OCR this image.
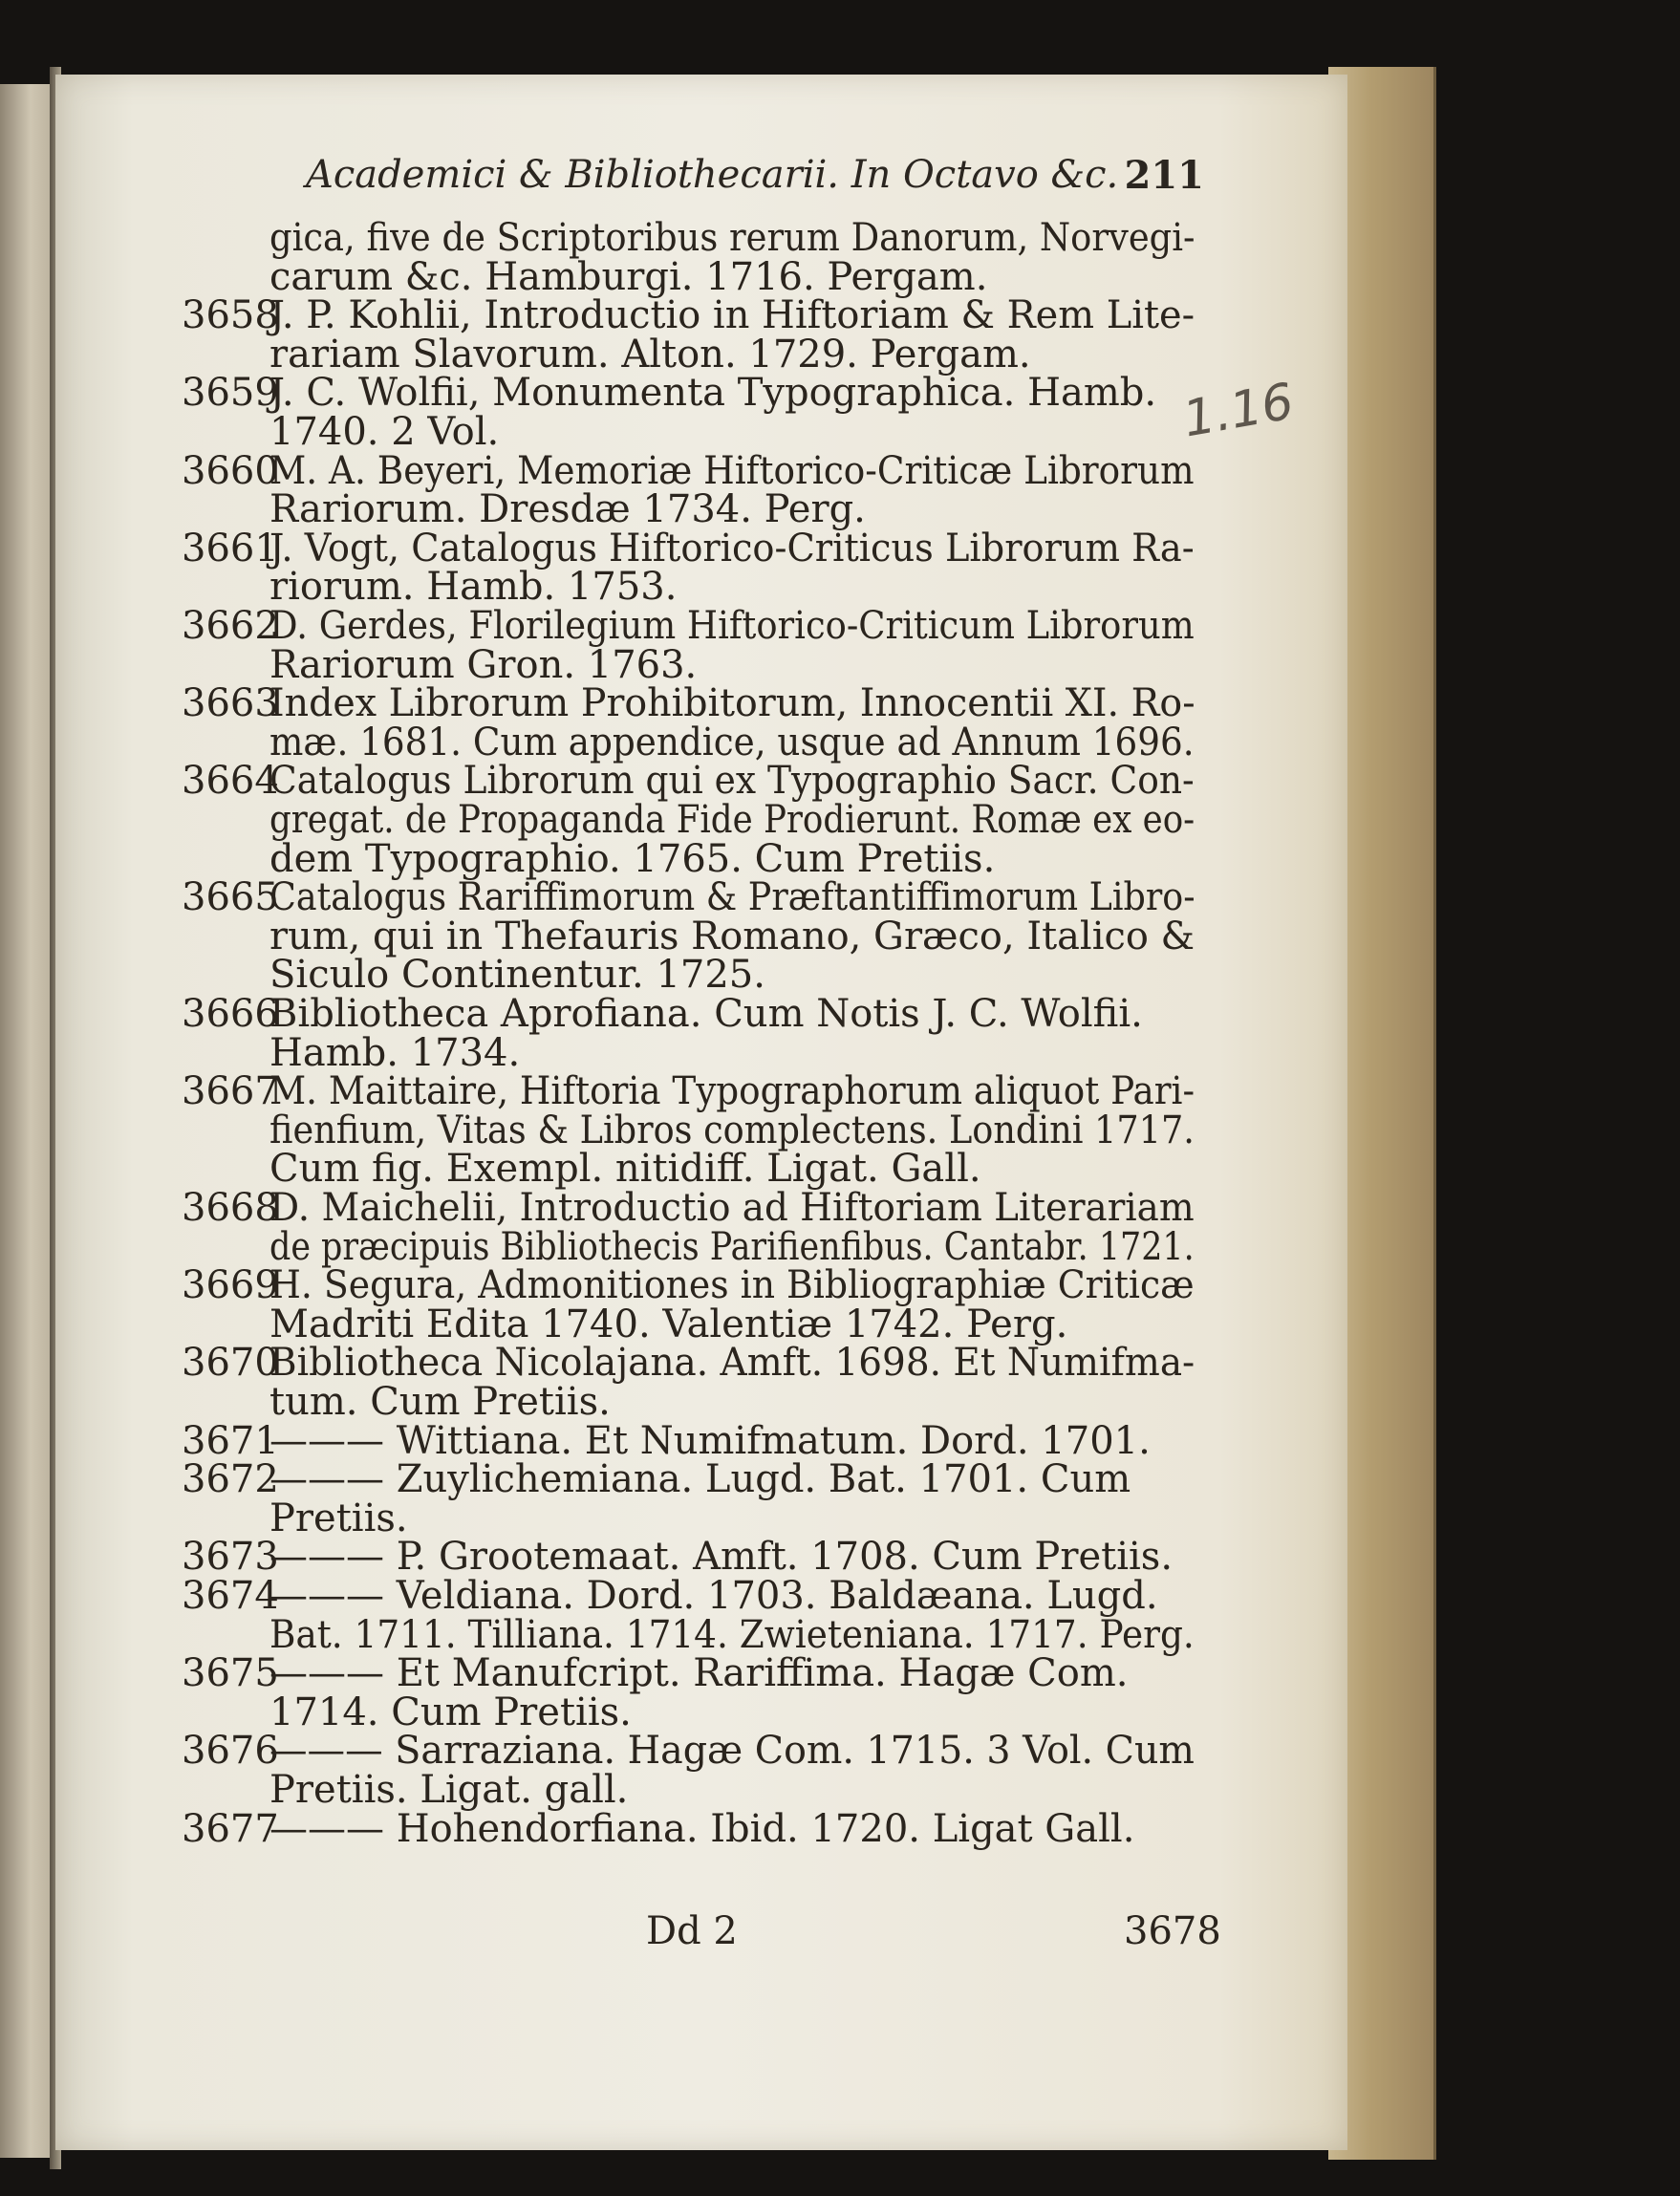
Academici & Bibliothecarii. In Octavo &c. 211
1.16
gica, five de Scriptoribus rerum Danorum, Norvegi-
carum &c. Hamburgi. 1716. Pergam.
3658
J. P. Kohlii, Introductio in Hiftoriam & Rem Lite-
rariam Slavorum. Alton. 1729. Pergam.
3659
J. C. Wolfii, Monumenta Typographica. Hamb.
1740. 2 Vol.
3660
M. A. Beyeri, Memoriæ Hiftorico-Criticæ Librorum
Rariorum. Dresdæ 1734. Perg.
3661
J. Vogt, Catalogus Hiftorico-Criticus Librorum Ra-
riorum. Hamb. 1753.
3662
D. Gerdes, Florilegium Hiftorico-Criticum Librorum
Rariorum Gron. 1763.
3663
Index Librorum Prohibitorum, Innocentii XI. Ro-
mæ. 1681. Cum appendice, usque ad Annum 1696.
3664
Catalogus Librorum qui ex Typographio Sacr. Con-
gregat. de Propaganda Fide Prodierunt. Romæ ex eo-
dem Typographio. 1765. Cum Pretiis.
3665
Catalogus Rariffimorum & Præftantiffimorum Libro-
rum, qui in Thefauris Romano, Græco, Italico &
Siculo Continentur. 1725.
3666
Bibliotheca Aprofiana. Cum Notis J. C. Wolfii.
Hamb. 1734.
3667
M. Maittaire, Hiftoria Typographorum aliquot Pari-
fienfium, Vitas & Libros complectens. Londini 1717.
Cum fig. Exempl. nitidiff. Ligat. Gall.
3668
D. Maichelii, Introductio ad Hiftoriam Literariam
de præcipuis Bibliothecis Parifienfibus. Cantabr. 1721.
3669
H. Segura, Admonitiones in Bibliographiæ Criticæ
Madriti Edita 1740. Valentiæ 1742. Perg.
3670
Bibliotheca Nicolajana. Amft. 1698. Et Numifma-
tum. Cum Pretiis.
3671
——— Wittiana. Et Numifmatum. Dord. 1701.
3672
——— Zuylichemiana. Lugd. Bat. 1701. Cum
Pretiis.
3673
——— P. Grootemaat. Amft. 1708. Cum Pretiis.
3674
——— Veldiana. Dord. 1703. Baldæana. Lugd.
Bat. 1711. Tilliana. 1714. Zwieteniana. 1717. Perg.
3675
——— Et Manufcript. Rariffima. Hagæ Com.
1714. Cum Pretiis.
3676
——— Sarraziana. Hagæ Com. 1715. 3 Vol. Cum
Pretiis. Ligat. gall.
3677
——— Hohendorfiana. Ibid. 1720. Ligat Gall.
Dd 2	3678
